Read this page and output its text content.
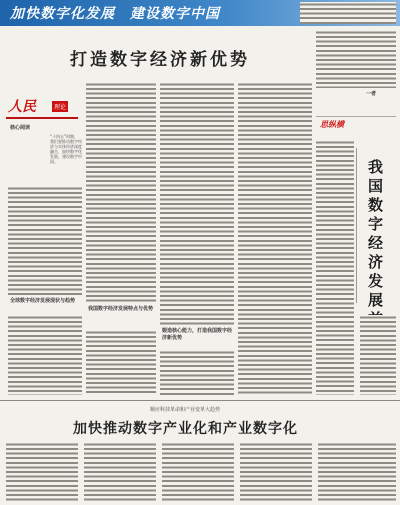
加快数字化发展　建设数字中国
打造数字经济新优势
人民	理论
核心阅读
“十四五”时期，我们要推动数字经济与实体经济深度融合，加快数字化发展，建设数字中国。
全球数字经济发展现状与趋势
我国数字经济发展特点与优势
锻造核心能力，打造我国数字经济新优势
一者
思纵横
我国数字经济发展
顺应科技革命和产业变革大趋势
加快推动数字产业化和产业数字化
